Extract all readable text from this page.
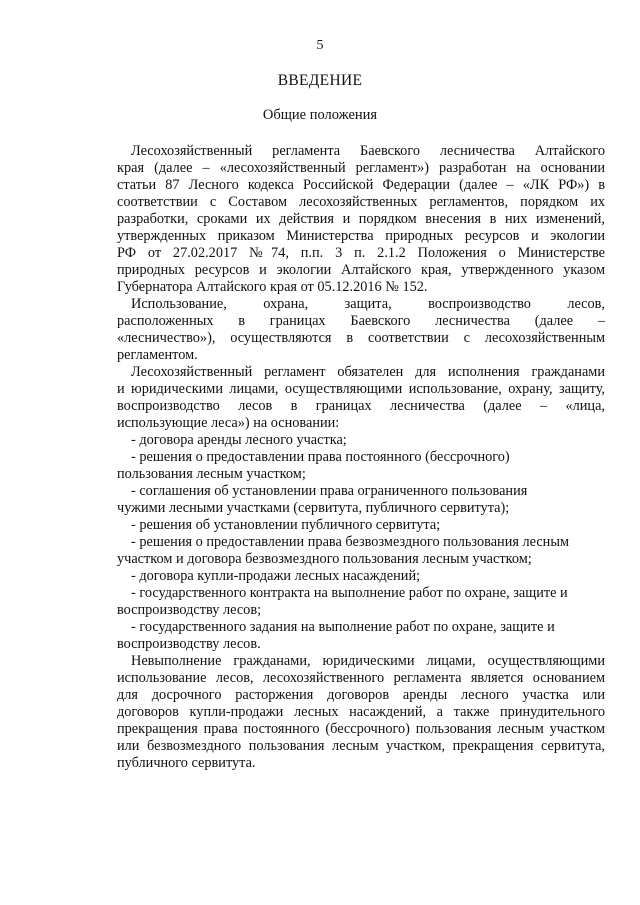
5
ВВЕДЕНИЕ
Общие положения
Лесохозяйственный регламента Баевского лесничества Алтайского
края (далее – «лесохозяйственный регламент») разработан на основании
статьи 87 Лесного кодекса Российской Федерации (далее – «ЛК РФ») в
соответствии с Составом лесохозяйственных регламентов, порядком их
разработки, сроками их действия и порядком внесения в них изменений,
утвержденных приказом Министерства природных ресурсов и экологии
РФ от 27.02.2017 №74, п.п. 3 п. 2.1.2 Положения о Министерстве
природных ресурсов и экологии Алтайского края, утвержденного указом
Губернатора Алтайского края от 05.12.2016 № 152.
Использование, охрана, защита, воспроизводство лесов,
расположенных в границах Баевского лесничества (далее –
«лесничество»), осуществляются в соответствии с лесохозяйственным
регламентом.
Лесохозяйственный регламент обязателен для исполнения гражданами
и юридическими лицами, осуществляющими использование, охрану, защиту,
воспроизводство лесов в границах лесничества (далее – «лица,
использующие леса») на основании:
- договора аренды лесного участка;
- решения о предоставлении права постоянного (бессрочного)
пользования лесным участком;
- соглашения об установлении права ограниченного пользования
чужими лесными участками (сервитута, публичного сервитута);
- решения об установлении публичного сервитута;
- решения о предоставлении права безвозмездного пользования лесным
участком и договора безвозмездного пользования лесным участком;
- договора купли-продажи лесных насаждений;
- государственного контракта на выполнение работ по охране, защите и
воспроизводству лесов;
- государственного задания на выполнение работ по охране, защите и
воспроизводству лесов.
Невыполнение гражданами, юридическими лицами, осуществляющими
использование лесов, лесохозяйственного регламента является основанием
для досрочного расторжения договоров аренды лесного участка или
договоров купли-продажи лесных насаждений, а также принудительного
прекращения права постоянного (бессрочного) пользования лесным участком
или безвозмездного пользования лесным участком, прекращения сервитута,
публичного сервитута.
